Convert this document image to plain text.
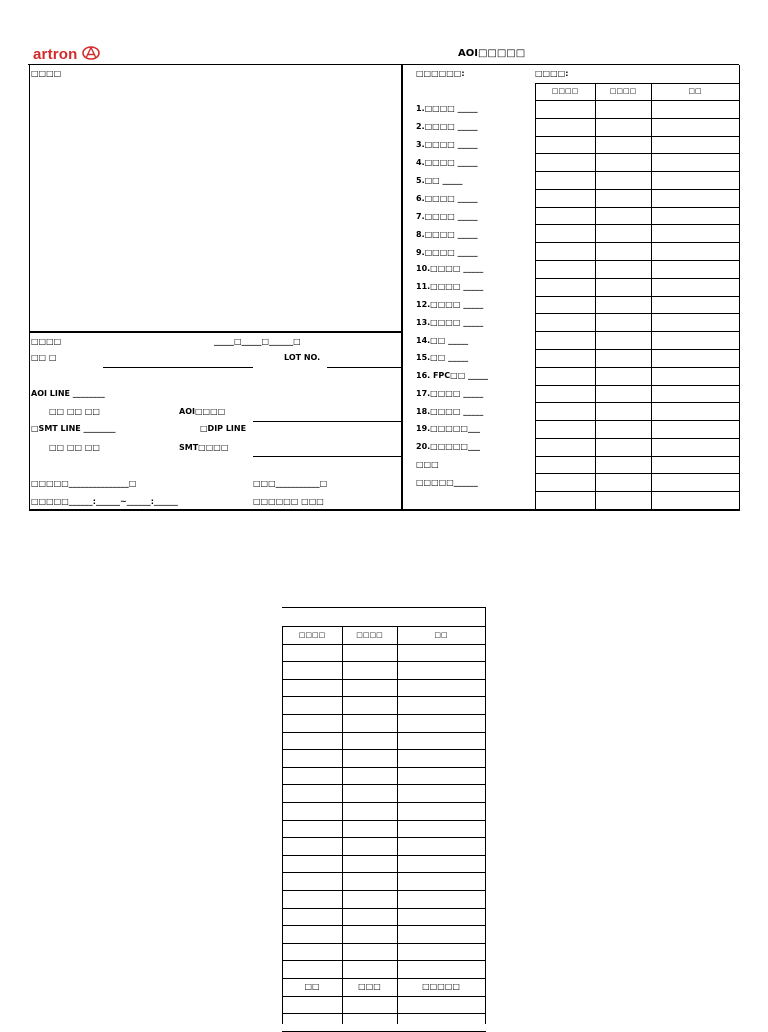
artron	AOI□□□□□
□□□□
□□□□	_____□_____□______□
□□ □	LOT NO.
AOI LINE ________
□□ □□ □□	AOI□□□□
□SMT LINE ________	□DIP LINE
□□ □□ □□	SMT□□□□
□□□□□_______________□	□□□___________□
□□□□□______:______~______:______	□□□□□□ □□□
□□□□□□:	□□□□:
1.□□□□ _____
2.□□□□ _____
3.□□□□ _____
4.□□□□ _____
5.□□ _____
6.□□□□ _____
7.□□□□ _____
8.□□□□ _____
9.□□□□ _____
10.□□□□ _____
11.□□□□ _____
12.□□□□ _____
13.□□□□ _____
14.□□ _____
15.□□ _____
16. FPC□□ _____
17.□□□□ _____
18.□□□□ _____
19.□□□□□___
20.□□□□□___
□□□
□□□□□______
□□□□	□□□□	□□
□□□□	□□□□	□□
□□	□□□	□□□□□
